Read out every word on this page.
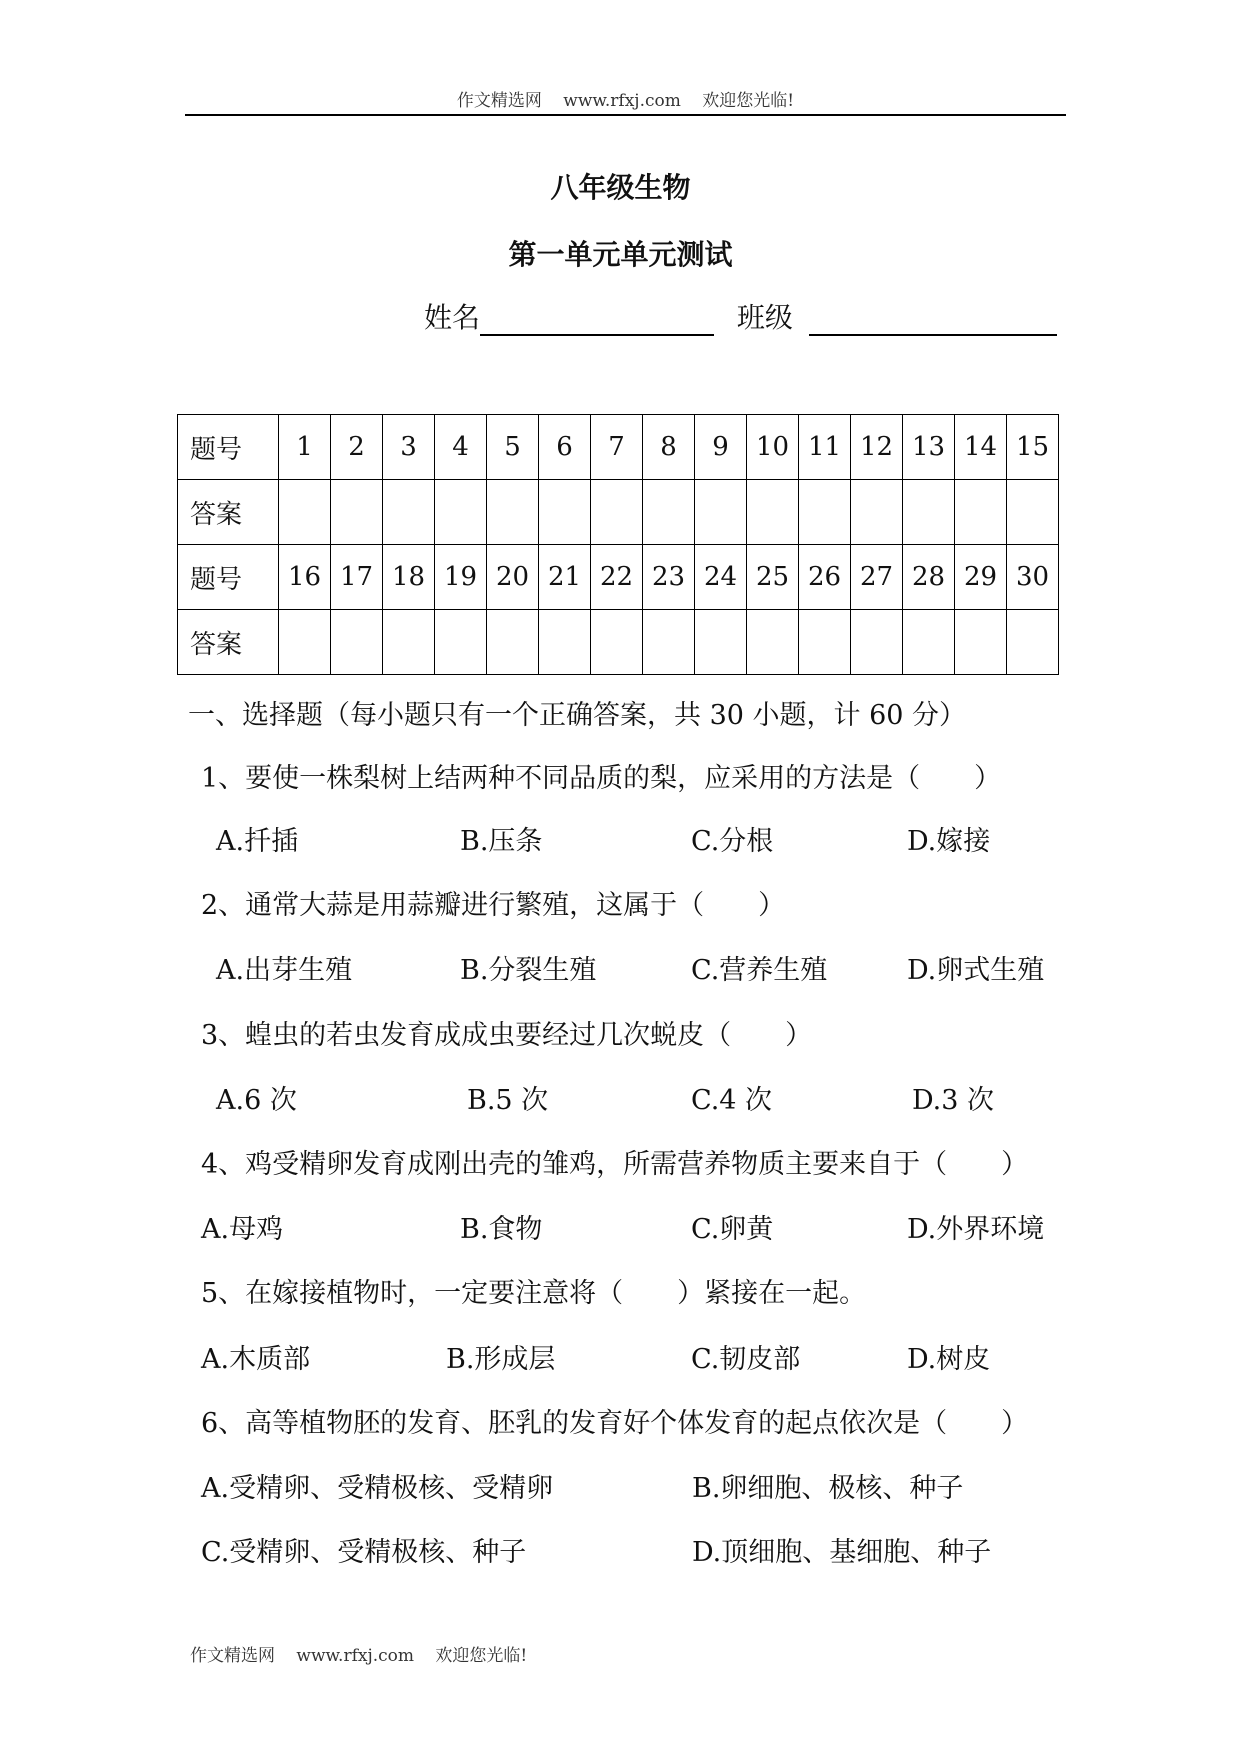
作文精选网 www.rfxj.com 欢迎您光临!
八年级生物
第一单元单元测试
姓名	班级
题号	1	2	3	4	5	6	7	8	9	10	11	12	13	14	15
答案															
题号	16	17	18	19	20	21	22	23	24	25	26	27	28	29	30
答案															
一、选择题（每小题只有一个正确答案，共 30 小题，计 60 分）
1、要使一株梨树上结两种不同品质的梨，应采用的方法是（　　）
A.扦插	B.压条	C.分根	D.嫁接
2、通常大蒜是用蒜瓣进行繁殖，这属于（　　）
A.出芽生殖	B.分裂生殖	C.营养生殖	D.卵式生殖
3、蝗虫的若虫发育成成虫要经过几次蜕皮（　　）
A.6 次	B.5 次	C.4 次	D.3 次
4、鸡受精卵发育成刚出壳的雏鸡，所需营养物质主要来自于（　　）
A.母鸡	B.食物	C.卵黄	D.外界环境
5、在嫁接植物时，一定要注意将（　　）紧接在一起。
A.木质部	B.形成层	C.韧皮部	D.树皮
6、高等植物胚的发育、胚乳的发育好个体发育的起点依次是（　　）
A.受精卵、受精极核、受精卵	B.卵细胞、极核、种子
C.受精卵、受精极核、种子	D.顶细胞、基细胞、种子
作文精选网 www.rfxj.com 欢迎您光临!
